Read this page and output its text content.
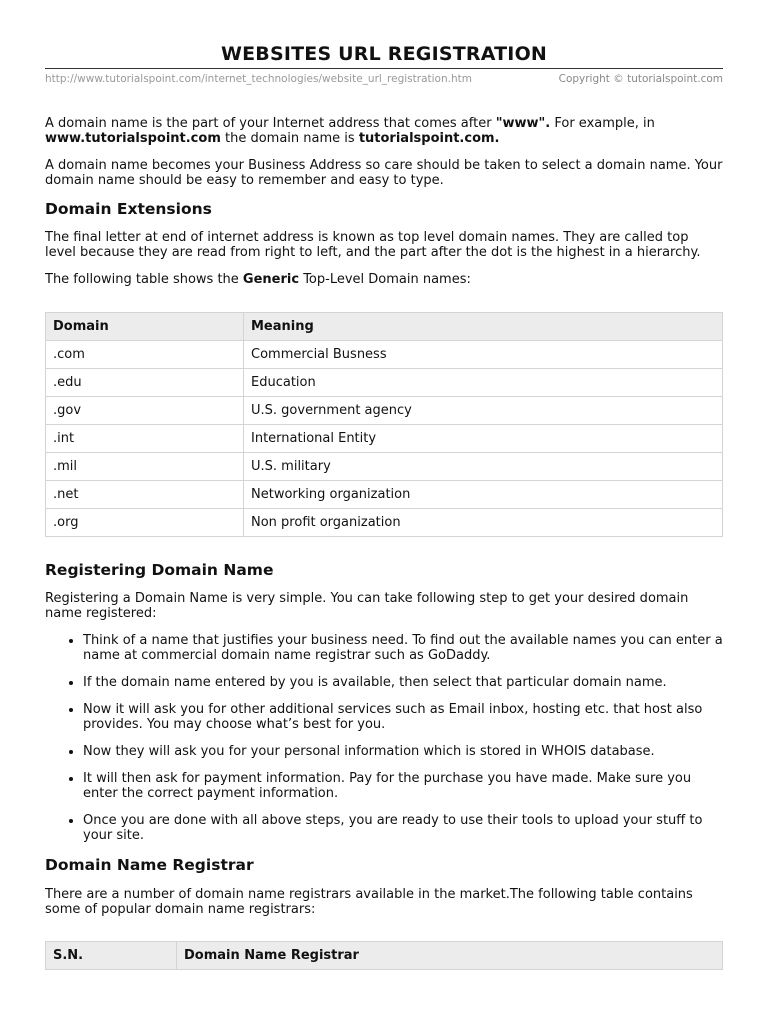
WEBSITES URL REGISTRATION
http://www.tutorialspoint.com/internet_technologies/website_url_registration.htm	Copyright © tutorialspoint.com

A domain name is the part of your Internet address that comes after "www". For example, in www.tutorialspoint.com the domain name is tutorialspoint.com.

A domain name becomes your Business Address so care should be taken to select a domain name. Your domain name should be easy to remember and easy to type.

Domain Extensions

The final letter at end of internet address is known as top level domain names. They are called top level because they are read from right to left, and the part after the dot is the highest in a hierarchy.

The following table shows the Generic Top-Level Domain names:

Domain	Meaning
.com	Commercial Busness
.edu	Education
.gov	U.S. government agency
.int	International Entity
.mil	U.S. military
.net	Networking organization
.org	Non profit organization
Registering Domain Name

Registering a Domain Name is very simple. You can take following step to get your desired domain name registered:

• Think of a name that justifies your business need. To find out the available names you can enter a name at commercial domain name registrar such as GoDaddy.
• If the domain name entered by you is available, then select that particular domain name.
• Now it will ask you for other additional services such as Email inbox, hosting etc. that host also provides. You may choose what’s best for you.
• Now they will ask you for your personal information which is stored in WHOIS database.
• It will then ask for payment information. Pay for the purchase you have made. Make sure you enter the correct payment information.
• Once you are done with all above steps, you are ready to use their tools to upload your stuff to your site.
Domain Name Registrar

There are a number of domain name registrars available in the market.The following table contains some of popular domain name registrars:

S.N.	Domain Name Registrar
